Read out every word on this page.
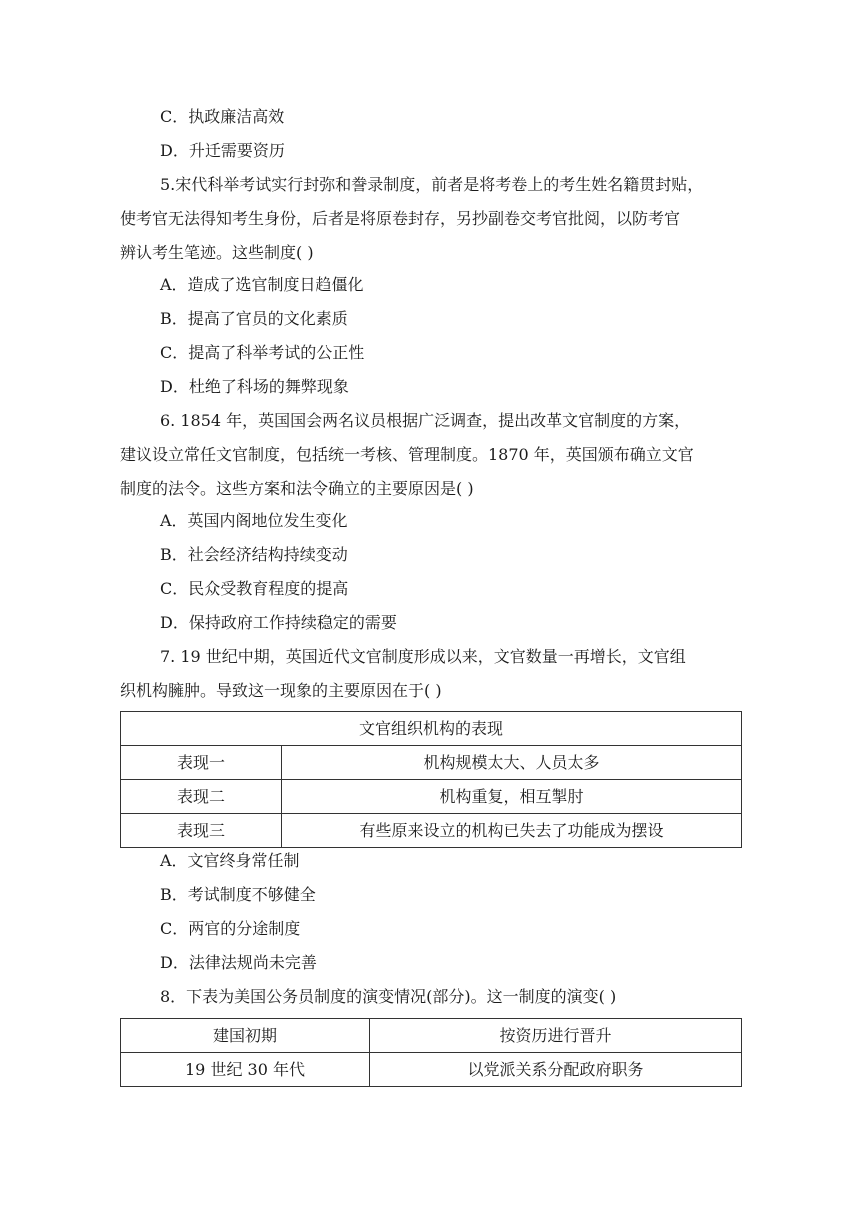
C．执政廉洁高效
D．升迁需要资历
5.宋代科举考试实行封弥和誊录制度，前者是将考卷上的考生姓名籍贯封贴，
使考官无法得知考生身份，后者是将原卷封存，另抄副卷交考官批阅，以防考官
辨认考生笔迹。这些制度( )
A．造成了选官制度日趋僵化
B．提高了官员的文化素质
C．提高了科举考试的公正性
D．杜绝了科场的舞弊现象
6. 1854 年，英国国会两名议员根据广泛调查，提出改革文官制度的方案，
建议设立常任文官制度，包括统一考核、管理制度。1870 年，英国颁布确立文官
制度的法令。这些方案和法令确立的主要原因是( )
A．英国内阁地位发生变化
B．社会经济结构持续变动
C．民众受教育程度的提高
D．保持政府工作持续稳定的需要
7. 19 世纪中期，英国近代文官制度形成以来，文官数量一再增长，文官组
织机构臃肿。导致这一现象的主要原因在于( )
文官组织机构的表现	
表现一	机构规模太大、人员太多
表现二	机构重复，相互掣肘
表现三	有些原来设立的机构已失去了功能成为摆设
A．文官终身常任制
B．考试制度不够健全
C．两官的分途制度
D．法律法规尚未完善
8．下表为美国公务员制度的演变情况(部分)。这一制度的演变( )
建国初期	按资历进行晋升
19 世纪 30 年代	以党派关系分配政府职务
